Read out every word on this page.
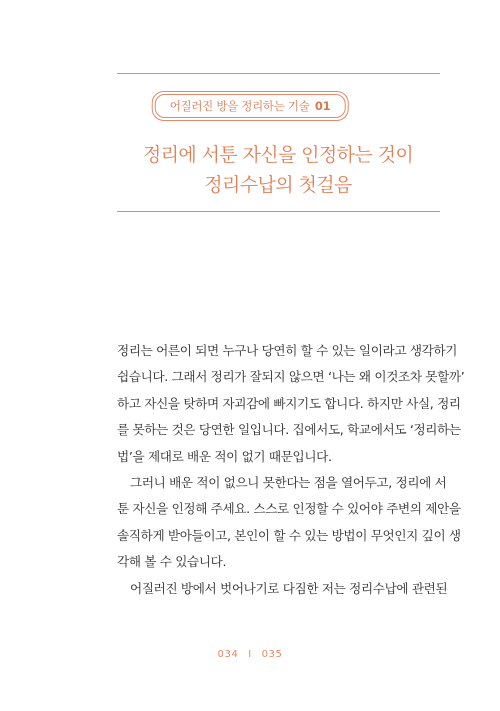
어질러진 방을 정리하는 기술 01
정리에 서툰 자신을 인정하는 것이
정리수납의 첫걸음
정리는 어른이 되면 누구나 당연히 할 수 있는 일이라고 생각하기
쉽습니다. 그래서 정리가 잘되지 않으면 ‘나는 왜 이것조차 못할까’
하고 자신을 탓하며 자괴감에 빠지기도 합니다. 하지만 사실, 정리
를 못하는 것은 당연한 일입니다. 집에서도, 학교에서도 ‘정리하는
법’을 제대로 배운 적이 없기 때문입니다.
그러니 배운 적이 없으니 못한다는 점을 열어두고, 정리에 서
툰 자신을 인정해 주세요. 스스로 인정할 수 있어야 주변의 제안을
솔직하게 받아들이고, 본인이 할 수 있는 방법이 무엇인지 깊이 생
각해 볼 수 있습니다.
어질러진 방에서 벗어나기로 다짐한 저는 정리수납에 관련된
034 I 035
